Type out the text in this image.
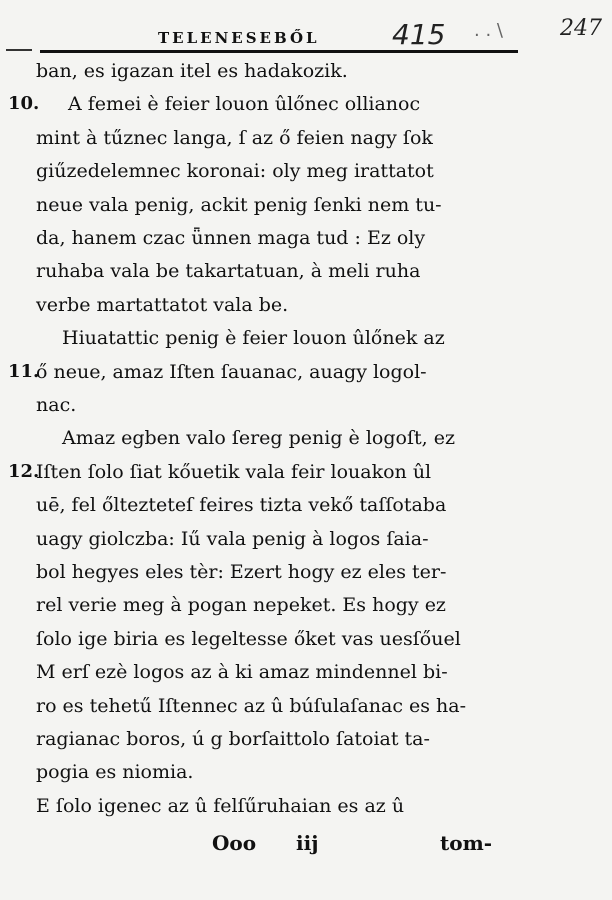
TELENESEBŐL	415 . . \	247
ban, es igazan itel es hadakozik.
A femei è feier louon ûlőnec ollianoc
mint à tűznec langa, ſ az ő feien nagy ſok
giűzedelemnec koronai: oly meg irattatot
neue vala penig, ackit penig ſenki nem tu-
da, hanem czac ǖnnen maga tud : Ez oly
ruhaba vala be takartatuan, à meli ruha
verbe martattatot vala be.
Hiuatattic penig è feier louon ûlőnek az
ő neue, amaz Iſten ſauanac, auagy logol-
nac.
Amaz egben valo ſereg penig è logoſt, ez
Iſten ſolo ſiat kőuetik vala feir louakon ûl
uē, fel őltezteteſ feires tizta vekő taſſotaba
uagy giolczba: Iű vala penig à logos ſaia-
bol hegyes eles tèr: Ezert hogy ez eles ter-
rel verie meg à pogan nepeket. Es hogy ez
ſolo ige biria es legeltesse őket vas uesſőuel
M erſ ezè logos az à ki amaz mindennel bi-
ro es tehetű Iſtennec az û búſulaſanac es ha-
ragianac boros, ú g borſaittolo ſatoiat ta-
pogia es niomia.
E ſolo igenec az û felſűruhaian es az û
10.
11.
12.
Ooo iij	tom-
